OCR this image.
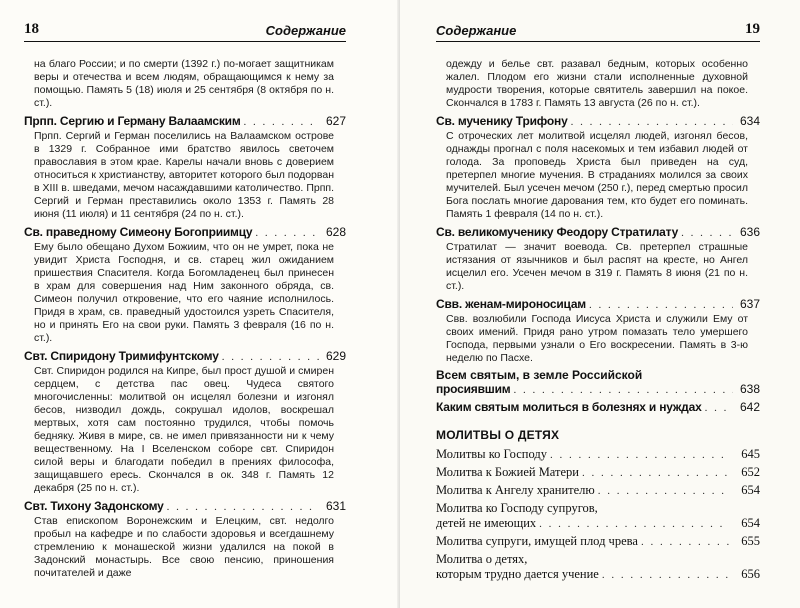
18	Содержание

на благо России; и по смерти (1392 г.) по-могает защитникам веры и отечества и всем людям, обращающимся к нему за помощью. Память 5 (18) июля и 25 сентября (8 октября по н. ст.).

Прпп. Сергию и Герману Валаамским . . .	627

Прпп. Сергий и Герман поселились на Валаамском острове в 1329 г. Собранное ими братство явилось светочем православия в этом крае. Карелы начали вновь с доверием относиться к христианству, авторитет которого был подорван в XIII в. шведами, мечом насаждавшими католичество. Прпп. Сергий и Герман преставились около 1353 г. Память 28 июня (11 июля) и 11 сентября (24 по н. ст.).

Св. праведному Симеону Богоприимцу . . .	628

Ему было обещано Духом Божиим, что он не умрет, пока не увидит Христа Господня, и св. старец жил ожиданием пришествия Спасителя. Когда Богомладенец был принесен в храм для совершения над Ним законного обряда, св. Симеон получил откровение, что его чаяние исполнилось. Придя в храм, св. праведный удостоился узреть Спасителя, но и принять Его на свои руки. Память 3 февраля (16 по н. ст.).

Свт. Спиридону Тримифунтскому . . .	629

Свт. Спиридон родился на Кипре, был прост душой и смирен сердцем, с детства пас овец. Чудеса святого многочисленны: молитвой он исцелял болезни и изгонял бесов, низводил дождь, сокрушал идолов, воскрешал мертвых, хотя сам постоянно трудился, чтобы помочь бедняку. Живя в мире, св. не имел привязанности ни к чему вещественному. На I Вселенском соборе свт. Спиридон силой веры и благодати победил в прениях философа, защищавшего ересь. Скончался в ок. 348 г. Память 12 декабря (25 по н. ст.).

Свт. Тихону Задонскому . . .	631

Став епископом Воронежским и Елецким, свт. недолго пробыл на кафедре и по слабости здоровья и всегдашнему стремлению к монашеской жизни удалился на покой в Задонский монастырь. Все свою пенсию, приношения почитателей и даже

Содержание	19

одежду и белье свт. разавал бедным, которых особенно жалел. Плодом его жизни стали исполненные духовной мудрости творения, которые святитель завершил на покое. Скончался в 1783 г. Память 13 августа (26 по н. ст.).

Св. мученику Трифону . . .	634

С отроческих лет молитвой исцелял людей, изгонял бесов, однажды прогнал с поля насекомых и тем избавил людей от голода. За проповедь Христа был приведен на суд, претерпел многие мучения. В страданиях молился за своих мучителей. Был усечен мечом (250 г.), перед смертью просил Бога послать многие дарования тем, кто будет его поминать. Память 1 февраля (14 по н. ст.).

Св. великомученику Феодору Стратилату . . .	636

Стратилат — значит воевода. Св. претерпел страшные истязания от язычников и был распят на кресте, но Ангел исцелил его. Усечен мечом в 319 г. Память 8 июня (21 по н. ст.).

Свв. женам-мироносицам . . .	637

Свв. возлюбили Господа Иисуса Христа и служили Ему от своих имений. Придя рано утром помазать тело умершего Господа, первыми узнали о Его воскресении. Память в 3-ю неделю по Пасхе.

Всем святым, в земле Российской
просиявшим . . .	638
Каким святым молиться в болезнях и нуждах . . .	642
МОЛИТВЫ О ДЕТЯХ
Молитвы ко Господу . . .	645
Молитва к Божией Матери . . .	652
Молитва к Ангелу хранителю . . .	654
Молитва ко Господу супругов,
детей не имеющих . . .	654
Молитва супруги, имущей плод чрева . . .	655
Молитва о детях,
которым трудно дается учение . . .	656
